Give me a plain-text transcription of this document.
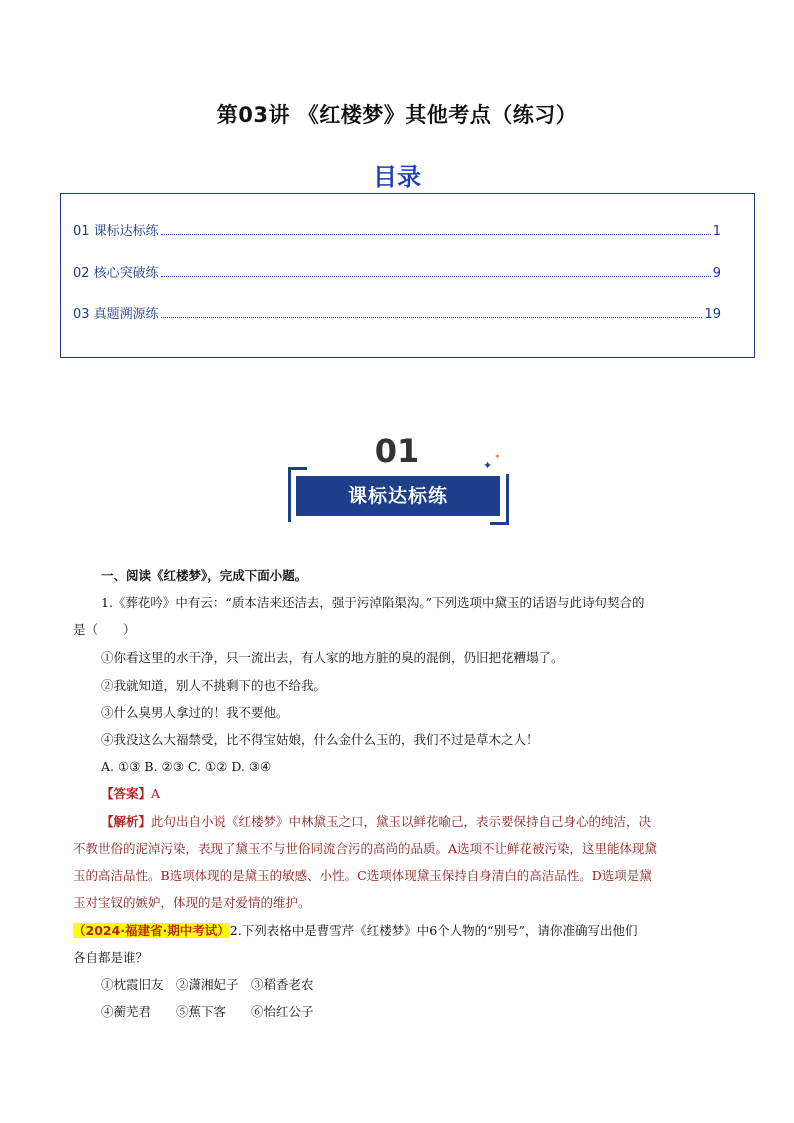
第03讲 《红楼梦》其他考点（练习）
目录
01 课标达标练	1
02 核心突破练	9
03 真题溯源练	19
01
课标达标练
✦
✦
一、阅读《红楼梦》，完成下面小题。
1.《葬花吟》中有云：“质本洁来还洁去，强于污淖陷渠沟。”下列选项中黛玉的话语与此诗句契合的
是（　　）
①你看这里的水干净，只一流出去，有人家的地方脏的臭的混倒，仍旧把花糟塌了。
②我就知道，别人不挑剩下的也不给我。
③什么臭男人拿过的！我不要他。
④我没这么大福禁受，比不得宝姑娘，什么金什么玉的，我们不过是草木之人！
A. ①③ B. ②③ C. ①② D. ③④
【答案】A
【解析】此句出自小说《红楼梦》中林黛玉之口，黛玉以鲜花喻己，表示要保持自己身心的纯洁，决
不教世俗的泥淖污染，表现了黛玉不与世俗同流合污的高尚的品质。A选项不让鲜花被污染，这里能体现黛
玉的高洁品性。B选项体现的是黛玉的敏感、小性。C选项体现黛玉保持自身清白的高洁品性。D选项是黛
玉对宝钗的嫉妒，体现的是对爱情的维护。
（2024·福建省·期中考试）2.下列表格中是曹雪芹《红楼梦》中6个人物的“别号”，请你准确写出他们
各自都是谁？
①枕霞旧友　②潇湘妃子　③稻香老农
④蘅芜君　　⑤蕉下客　　⑥怡红公子
